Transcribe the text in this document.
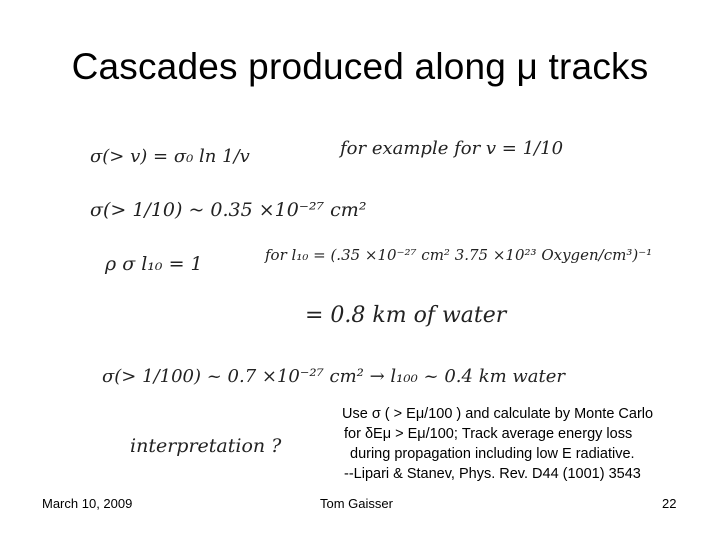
Cascades produced along μ tracks
σ(> v) = σ₀ ln 1/v	for example for v = 1/10
σ(> 1/10) ~ 0.35 ×10⁻²⁷ cm²
ρ σ l₁₀ = 1	for l₁₀ = (.35 ×10⁻²⁷ cm² 3.75 ×10²³ Oxygen/cm³)⁻¹
= 0.8 km of water
σ(> 1/100) ~ 0.7 ×10⁻²⁷ cm² → l₁₀₀ ~ 0.4 km water
interpretation ?
Use σ ( > Eμ/100 ) and calculate by Monte Carlo
for δEμ > Eμ/100; Track average energy loss
during propagation including low E radiative.
--Lipari & Stanev, Phys. Rev. D44 (1001) 3543
March 10, 2009	Tom Gaisser	22
